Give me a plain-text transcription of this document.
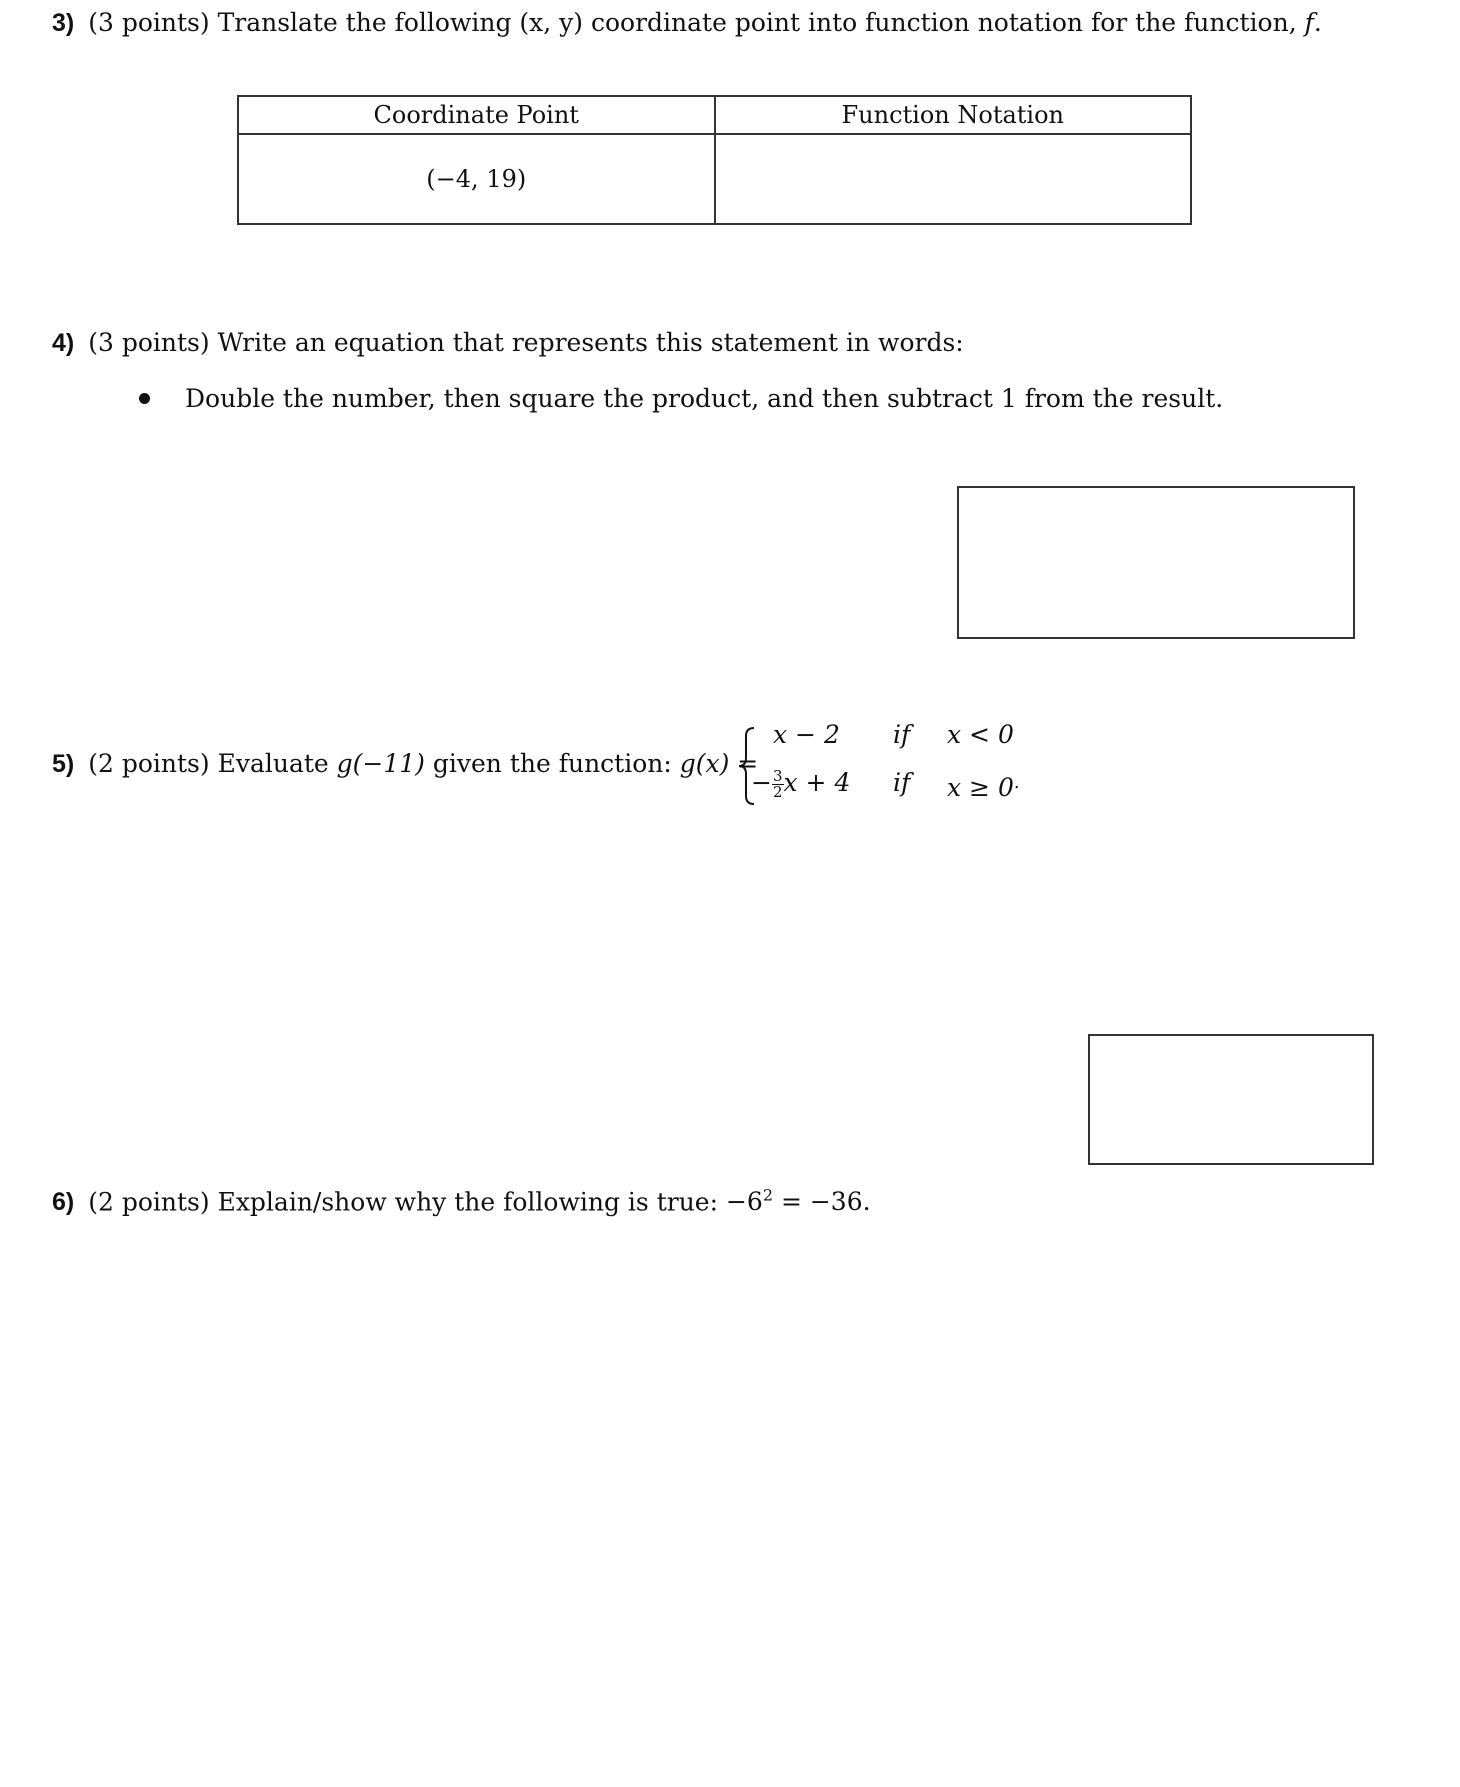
3) (3 points) Translate the following (x, y) coordinate point into function notation for the function, f.
Coordinate Point	Function Notation
(−4, 19)	
4) (3 points) Write an equation that represents this statement in words:
Double the number, then square the product, and then subtract 1 from the result.
5) (2 points) Evaluate g(−11) given the function: g(x) =
x − 2 if x < 0
− $\frac{3}{2}$ x + 4 if x ≥ 0.
6) (2 points) Explain/show why the following is true: $-6^2 = -36$.
